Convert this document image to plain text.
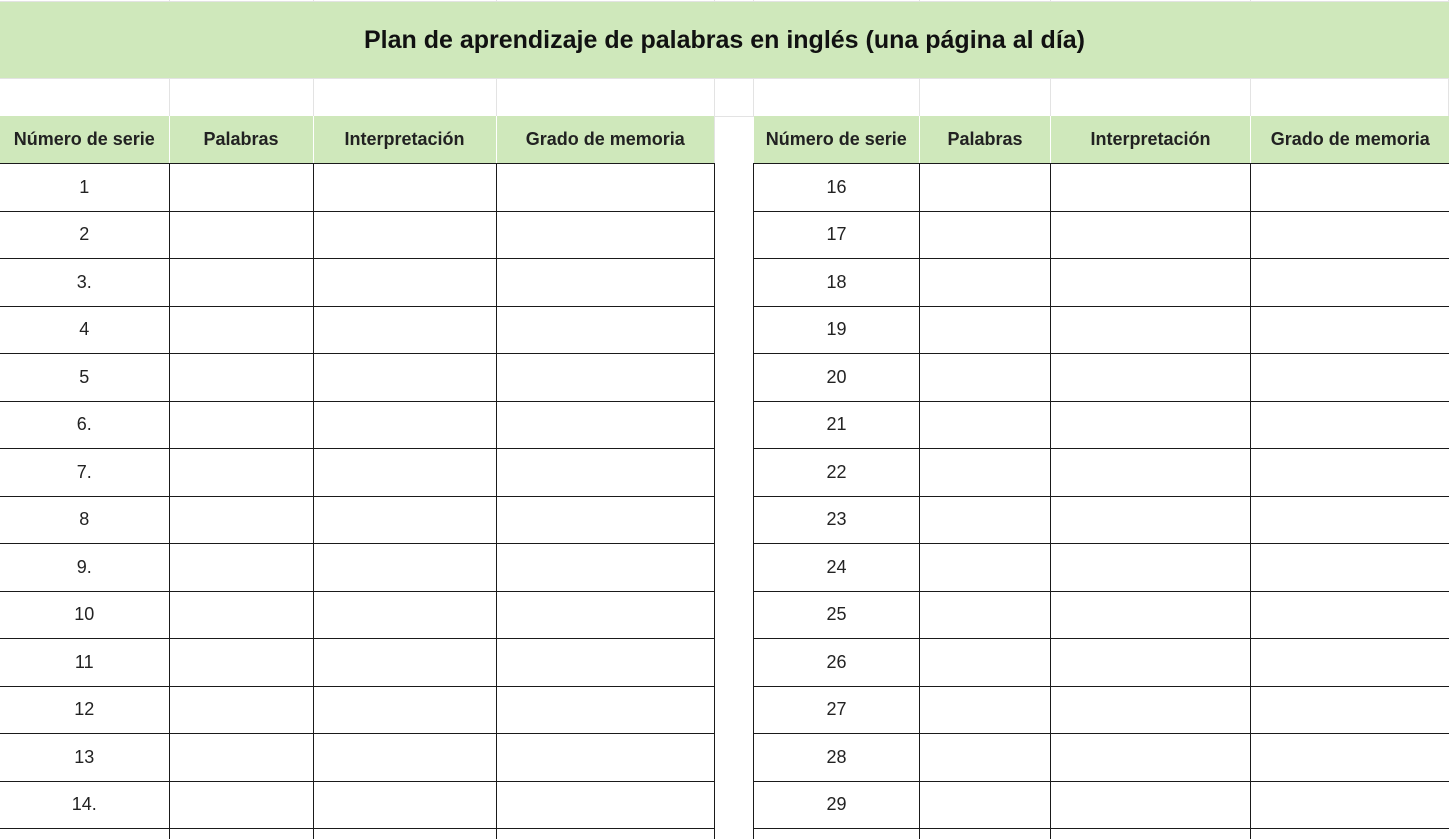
Plan de aprendizaje de palabras en inglés (una página al día)
Número de serie	Palabras	Interpretación	Grado de memoria
1			
2			
3.			
4			
5			
6.			
7.			
8			
9.			
10			
11			
12			
13			
14.			

Número de serie	Palabras	Interpretación	Grado de memoria
16			
17			
18			
19			
20			
21			
22			
23			
24			
25			
26			
27			
28			
29			
